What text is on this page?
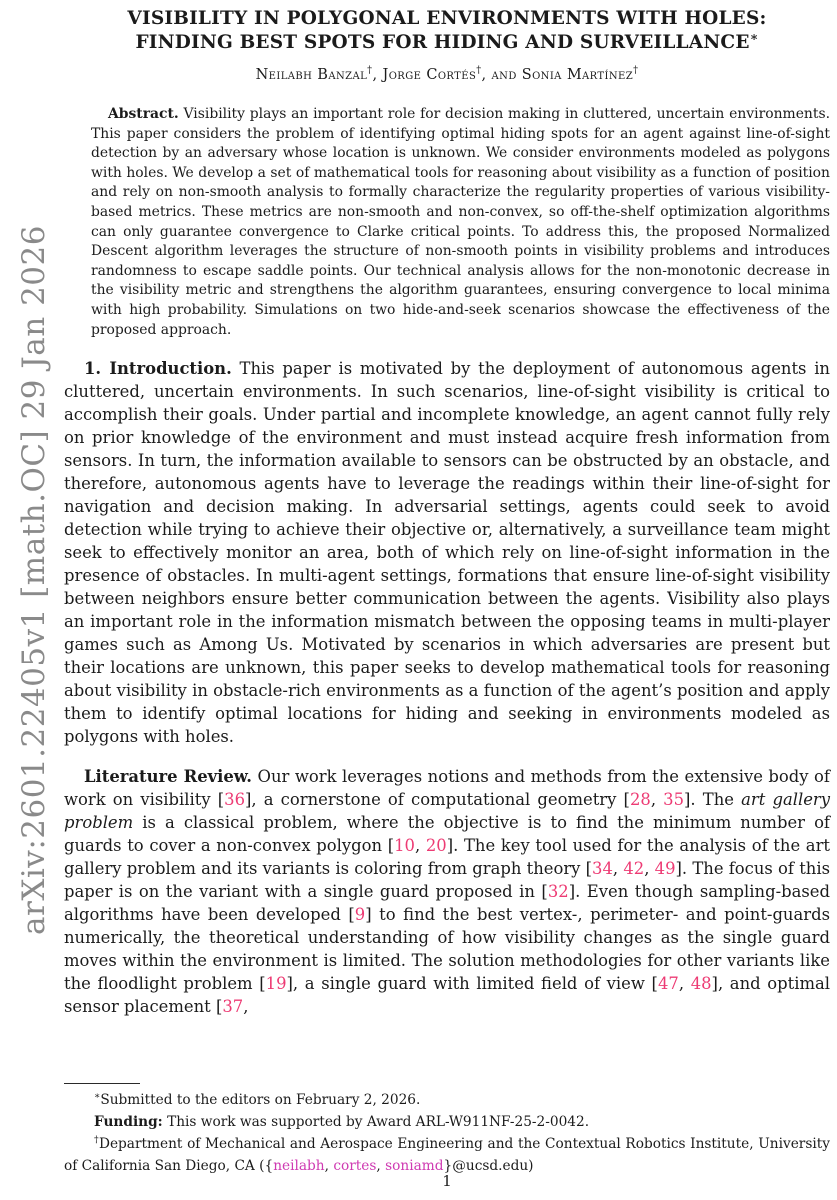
arXiv:2601.22405v1 [math.OC] 29 Jan 2026
VISIBILITY IN POLYGONAL ENVIRONMENTS WITH HOLES:
FINDING BEST SPOTS FOR HIDING AND SURVEILLANCE∗
Neilabh Banzal†, Jorge Cortés†, and Sonia Martínez†

Abstract. Visibility plays an important role for decision making in cluttered, uncertain environments. This paper considers the problem of identifying optimal hiding spots for an agent against line-of-sight detection by an adversary whose location is unknown. We consider environments modeled as polygons with holes. We develop a set of mathematical tools for reasoning about visibility as a function of position and rely on non-smooth analysis to formally characterize the regularity properties of various visibility-based metrics. These metrics are non-smooth and non-convex, so off-the-shelf optimization algorithms can only guarantee convergence to Clarke critical points. To address this, the proposed Normalized Descent algorithm leverages the structure of non-smooth points in visibility problems and introduces randomness to escape saddle points. Our technical analysis allows for the non-monotonic decrease in the visibility metric and strengthens the algorithm guarantees, ensuring convergence to local minima with high probability. Simulations on two hide-and-seek scenarios showcase the effectiveness of the proposed approach.

1. Introduction. This paper is motivated by the deployment of autonomous agents in cluttered, uncertain environments. In such scenarios, line-of-sight visibility is critical to accomplish their goals. Under partial and incomplete knowledge, an agent cannot fully rely on prior knowledge of the environment and must instead acquire fresh information from sensors. In turn, the information available to sensors can be obstructed by an obstacle, and therefore, autonomous agents have to leverage the readings within their line-of-sight for navigation and decision making. In adversarial settings, agents could seek to avoid detection while trying to achieve their objective or, alternatively, a surveillance team might seek to effectively monitor an area, both of which rely on line-of-sight information in the presence of obstacles. In multi-agent settings, formations that ensure line-of-sight visibility between neighbors ensure better communication between the agents. Visibility also plays an important role in the information mismatch between the opposing teams in multi-player games such as Among Us. Motivated by scenarios in which adversaries are present but their locations are unknown, this paper seeks to develop mathematical tools for reasoning about visibility in obstacle-rich environments as a function of the agent’s position and apply them to identify optimal locations for hiding and seeking in environments modeled as polygons with holes.

Literature Review. Our work leverages notions and methods from the extensive body of work on visibility [36], a cornerstone of computational geometry [28, 35]. The art gallery problem is a classical problem, where the objective is to find the minimum number of guards to cover a non-convex polygon [10, 20]. The key tool used for the analysis of the art gallery problem and its variants is coloring from graph theory [34, 42, 49]. The focus of this paper is on the variant with a single guard proposed in [32]. Even though sampling-based algorithms have been developed [9] to find the best vertex-, perimeter- and point-guards numerically, the theoretical understanding of how visibility changes as the single guard moves within the environment is limited. The solution methodologies for other variants like the floodlight problem [19], a single guard with limited field of view [47, 48], and optimal sensor placement [37,

∗Submitted to the editors on February 2, 2026.

Funding: This work was supported by Award ARL-W911NF-25-2-0042.

†Department of Mechanical and Aerospace Engineering and the Contextual Robotics Institute, University of California San Diego, CA ({neilabh, cortes, soniamd}@ucsd.edu)

1
